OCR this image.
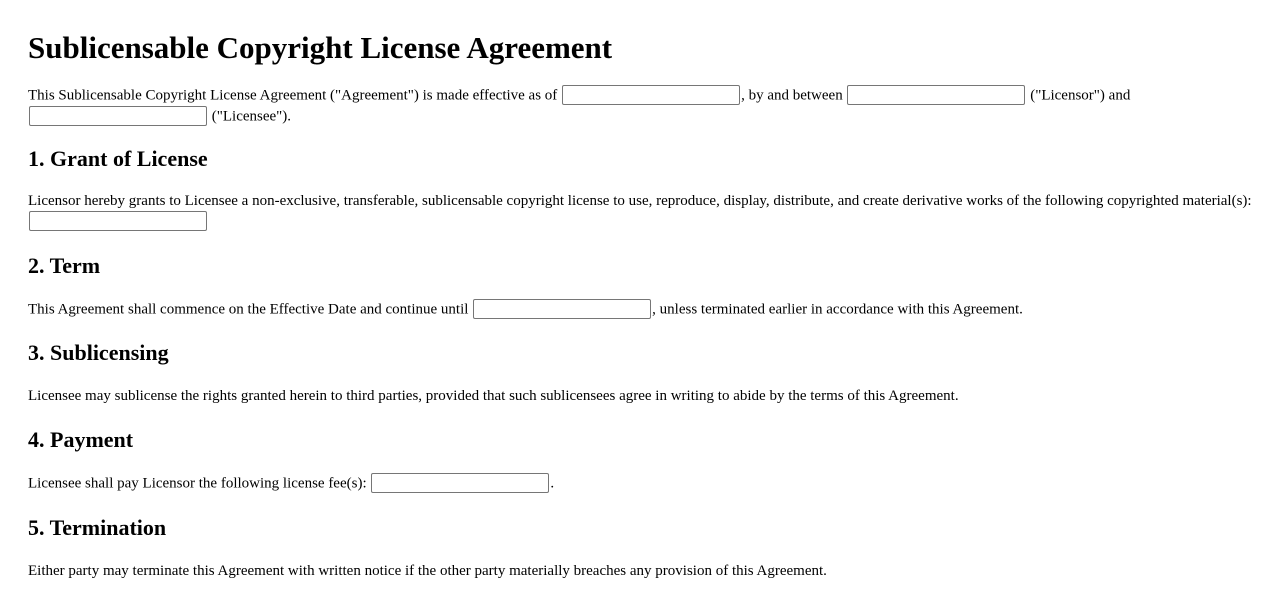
Sublicensable Copyright License Agreement

This Sublicensable Copyright License Agreement ("Agreement") is made effective as of	, by and between	("Licensor") and
("Licensee").

1. Grant of License

Licensor hereby grants to Licensee a non-exclusive, transferable, sublicensable copyright license to use, reproduce, display, distribute, and create derivative works of the following copyrighted material(s):

2. Term

This Agreement shall commence on the Effective Date and continue until	, unless terminated earlier in accordance with this Agreement.

3. Sublicensing

Licensee may sublicense the rights granted herein to third parties, provided that such sublicensees agree in writing to abide by the terms of this Agreement.

4. Payment

Licensee shall pay Licensor the following license fee(s):	.

5. Termination

Either party may terminate this Agreement with written notice if the other party materially breaches any provision of this Agreement.
